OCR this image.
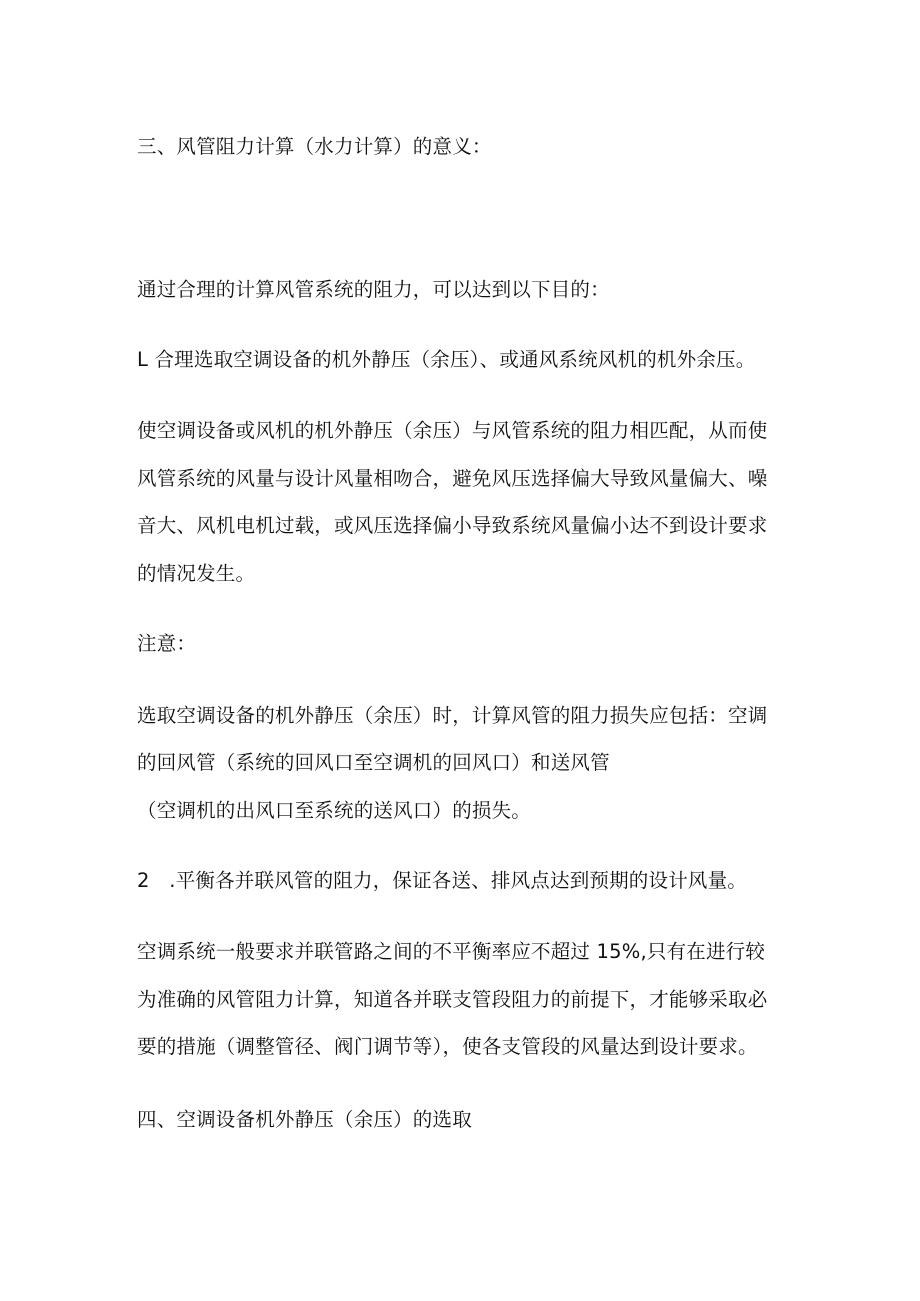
三、风管阻力计算（水力计算）的意义：

通过合理的计算风管系统的阻力，可以达到以下目的：

L 合理选取空调设备的机外静压（余压）、或通风系统风机的机外余压。

使空调设备或风机的机外静压（余压）与风管系统的阻力相匹配，从而使

风管系统的风量与设计风量相吻合，避免风压选择偏大导致风量偏大、噪

音大、风机电机过载，或风压选择偏小导致系统风量偏小达不到设计要求

的情况发生。

注意：

选取空调设备的机外静压（余压）时，计算风管的阻力损失应包括：空调

的回风管（系统的回风口至空调机的回风口）和送风管

（空调机的出风口至系统的送风口）的损失。

2　.平衡各并联风管的阻力，保证各送、排风点达到预期的设计风量。

空调系统一般要求并联管路之间的不平衡率应不超过 15%,只有在进行较

为准确的风管阻力计算，知道各并联支管段阻力的前提下，才能够采取必

要的措施（调整管径、阀门调节等），使各支管段的风量达到设计要求。

四、空调设备机外静压（余压）的选取
